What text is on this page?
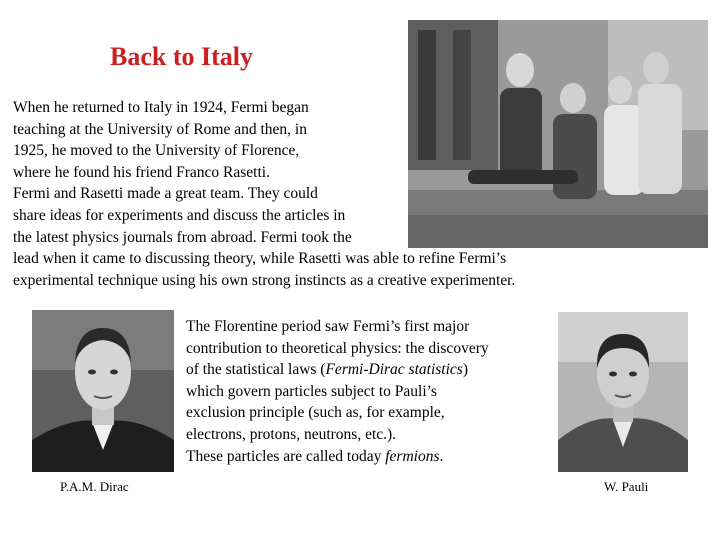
Back to Italy
When he returned to Italy in 1924, Fermi began
teaching at the University of Rome and then, in
1925, he moved to the University of Florence,
where he found his friend Franco Rasetti.
Fermi and Rasetti made a great team. They could
share ideas for experiments and discuss the articles in
the latest physics journals from abroad. Fermi took the
lead when it came to discussing theory, while Rasetti was able to refine Fermi’s
experimental technique using his own strong instincts as a creative experimenter.
The Florentine period saw Fermi’s first major
contribution to theoretical physics: the discovery
of the statistical laws (Fermi-Dirac statistics)
which govern particles subject to Pauli’s
exclusion principle (such as, for example,
electrons, protons, neutrons, etc.).
These particles are called today fermions.
P.A.M. Dirac	W. Pauli
